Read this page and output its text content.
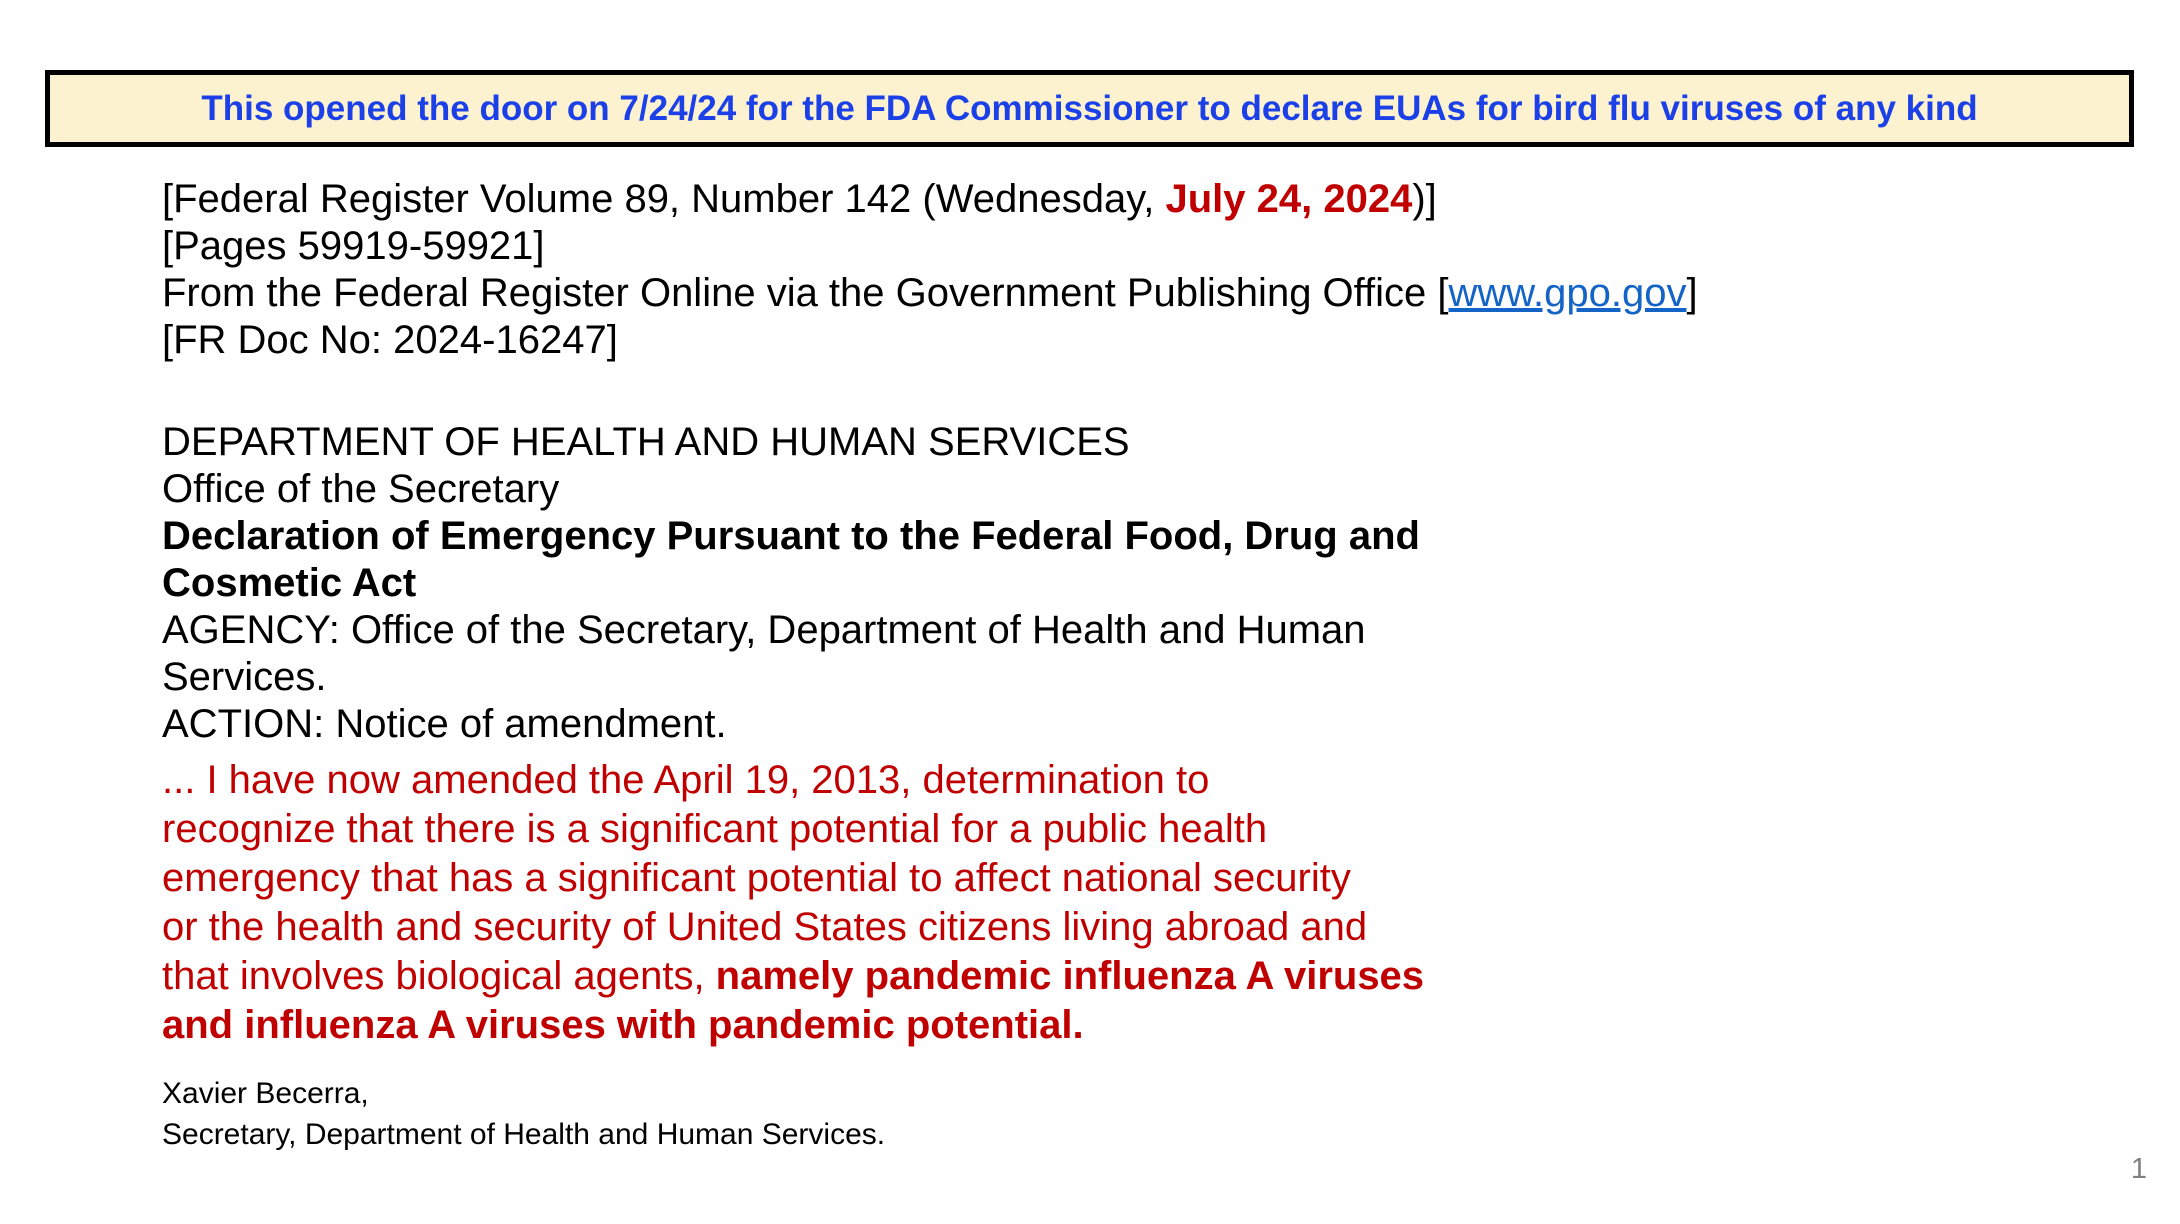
This opened the door on 7/24/24 for the FDA Commissioner to declare EUAs for bird flu viruses of any kind
[Federal Register Volume 89, Number 142 (Wednesday, July 24, 2024)]
[Pages 59919-59921]
From the Federal Register Online via the Government Publishing Office [www.gpo.gov]
[FR Doc No: 2024-16247]
DEPARTMENT OF HEALTH AND HUMAN SERVICES
Office of the Secretary
Declaration of Emergency Pursuant to the Federal Food, Drug and
Cosmetic Act
AGENCY: Office of the Secretary, Department of Health and Human
Services.
ACTION: Notice of amendment.
... I have now amended the April 19, 2013, determination to
recognize that there is a significant potential for a public health
emergency that has a significant potential to affect national security
or the health and security of United States citizens living abroad and
that involves biological agents, namely pandemic influenza A viruses
and influenza A viruses with pandemic potential.
Xavier Becerra,
Secretary, Department of Health and Human Services.
1
